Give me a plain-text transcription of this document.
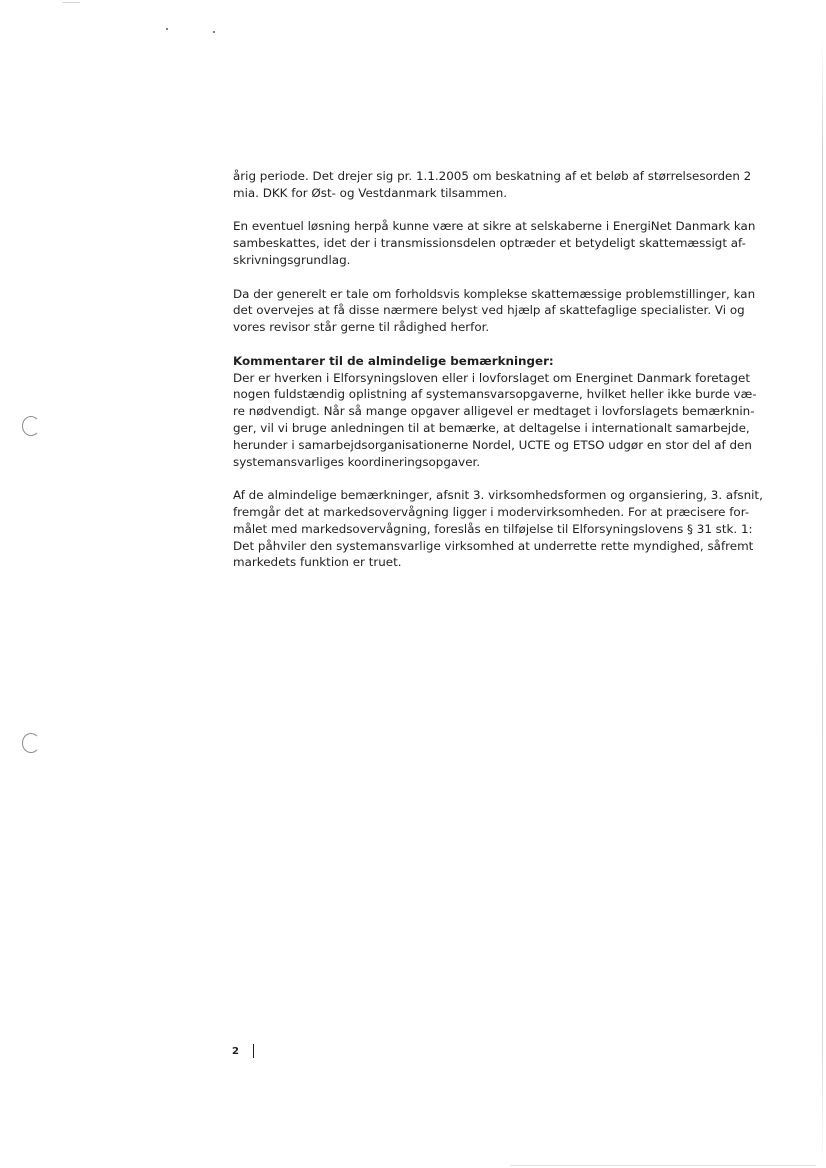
årig periode. Det drejer sig pr. 1.1.2005 om beskatning af et beløb af størrelsesorden 2
mia. DKK for Øst- og Vestdanmark tilsammen.

En eventuel løsning herpå kunne være at sikre at selskaberne i EnergiNet Danmark kan
sambeskattes, idet der i transmissionsdelen optræder et betydeligt skattemæssigt af-
skrivningsgrundlag.

Da der generelt er tale om forholdsvis komplekse skattemæssige problemstillinger, kan
det overvejes at få disse nærmere belyst ved hjælp af skattefaglige specialister. Vi og
vores revisor står gerne til rådighed herfor.

Kommentarer til de almindelige bemærkninger:
Der er hverken i Elforsyningsloven eller i lovforslaget om Energinet Danmark foretaget
nogen fuldstændig oplistning af systemansvarsopgaverne, hvilket heller ikke burde væ-
re nødvendigt. Når så mange opgaver alligevel er medtaget i lovforslagets bemærknin-
ger, vil vi bruge anledningen til at bemærke, at deltagelse i internationalt samarbejde,
herunder i samarbejdsorganisationerne Nordel, UCTE og ETSO udgør en stor del af den
systemansvarliges koordineringsopgaver.

Af de almindelige bemærkninger, afsnit 3. virksomhedsformen og organsiering, 3. afsnit,
fremgår det at markedsovervågning ligger i modervirksomheden. For at præcisere for-
målet med markedsovervågning, foreslås en tilføjelse til Elforsyningslovens § 31 stk. 1:
Det påhviler den systemansvarlige virksomhed at underrette rette myndighed, såfremt
markedets funktion er truet.

2
